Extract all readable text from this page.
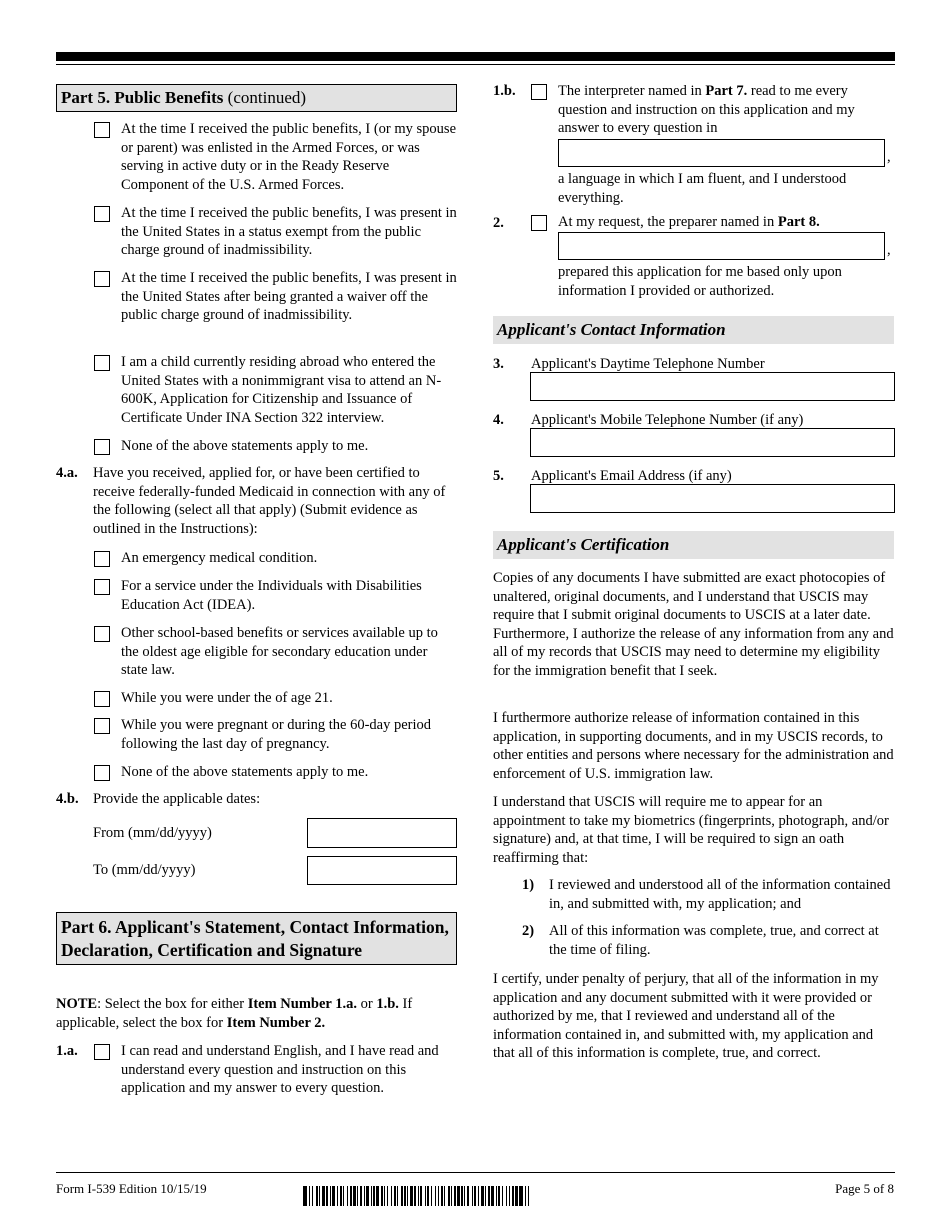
Part 5. Public Benefits (continued)
At the time I received the public benefits, I (or my spouse or parent) was enlisted in the Armed Forces, or was serving in active duty or in the Ready Reserve Component of the U.S. Armed Forces.
At the time I received the public benefits, I was present in the United States in a status exempt from the public charge ground of inadmissibility.
At the time I received the public benefits, I was present in the United States after being granted a waiver off the public charge ground of inadmissibility.
I am a child currently residing abroad who entered the United States with a nonimmigrant visa to attend an N-600K, Application for Citizenship and Issuance of Certificate Under INA Section 322 interview.
None of the above statements apply to me.
4.a. Have you received, applied for, or have been certified to receive federally-funded Medicaid in connection with any of the following (select all that apply) (Submit evidence as outlined in the Instructions):
An emergency medical condition.
For a service under the Individuals with Disabilities Education Act (IDEA).
Other school-based benefits or services available up to the oldest age eligible for secondary education under state law.
While you were under the of age 21.
While you were pregnant or during the 60-day period following the last day of pregnancy.
None of the above statements apply to me.
4.b. Provide the applicable dates:
From (mm/dd/yyyy)
To (mm/dd/yyyy)
Part 6. Applicant's Statement, Contact Information, Declaration, Certification and Signature
NOTE: Select the box for either Item Number 1.a. or 1.b. If applicable, select the box for Item Number 2.
1.a.	I can read and understand English, and I have read and understand every question and instruction on this application and my answer to every question.
1.b.	The interpreter named in Part 7. read to me every question and instruction on this application and my answer to every question in
,
a language in which I am fluent, and I understood everything.
2.	At my request, the preparer named in Part 8.
,
prepared this application for me based only upon information I provided or authorized.
Applicant's Contact Information
3. Applicant's Daytime Telephone Number
4. Applicant's Mobile Telephone Number (if any)
5. Applicant's Email Address (if any)
Applicant's Certification
Copies of any documents I have submitted are exact photocopies of unaltered, original documents, and I understand that USCIS may require that I submit original documents to USCIS at a later date. Furthermore, I authorize the release of any information from any and all of my records that USCIS may need to determine my eligibility for the immigration benefit that I seek.
I furthermore authorize release of information contained in this application, in supporting documents, and in my USCIS records, to other entities and persons where necessary for the administration and enforcement of U.S. immigration law.
I understand that USCIS will require me to appear for an appointment to take my biometrics (fingerprints, photograph, and/or signature) and, at that time, I will be required to sign an oath reaffirming that:
1) I reviewed and understood all of the information contained in, and submitted with, my application; and
2) All of this information was complete, true, and correct at the time of filing.
I certify, under penalty of perjury, that all of the information in my application and any document submitted with it were provided or authorized by me, that I reviewed and understand all of the information contained in, and submitted with, my application and that all of this information is complete, true, and correct.
Form I-539 Edition 10/15/19	Page 5 of 8
